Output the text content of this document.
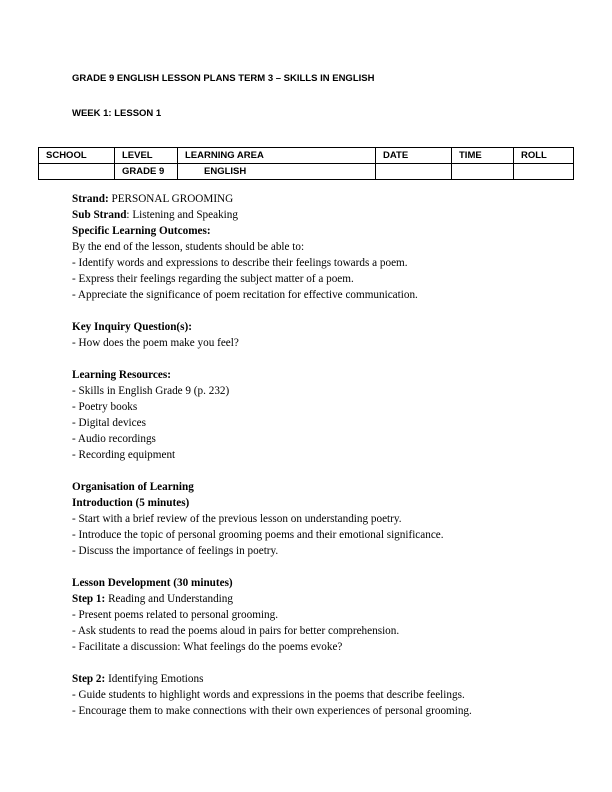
GRADE 9 ENGLISH LESSON PLANS TERM 3 – SKILLS IN ENGLISH
WEEK 1: LESSON 1
SCHOOL	LEVEL	LEARNING AREA	DATE	TIME	ROLL
	GRADE 9	ENGLISH			
Strand: PERSONAL GROOMING
Sub Strand: Listening and Speaking
Specific Learning Outcomes:
By the end of the lesson, students should be able to:
- Identify words and expressions to describe their feelings towards a poem.
- Express their feelings regarding the subject matter of a poem.
- Appreciate the significance of poem recitation for effective communication.
Key Inquiry Question(s):
- How does the poem make you feel?
Learning Resources:
- Skills in English Grade 9 (p. 232)
- Poetry books
- Digital devices
- Audio recordings
- Recording equipment
Organisation of Learning
Introduction (5 minutes)
- Start with a brief review of the previous lesson on understanding poetry.
- Introduce the topic of personal grooming poems and their emotional significance.
- Discuss the importance of feelings in poetry.
Lesson Development (30 minutes)
Step 1: Reading and Understanding
- Present poems related to personal grooming.
- Ask students to read the poems aloud in pairs for better comprehension.
- Facilitate a discussion: What feelings do the poems evoke?
Step 2: Identifying Emotions
- Guide students to highlight words and expressions in the poems that describe feelings.
- Encourage them to make connections with their own experiences of personal grooming.
